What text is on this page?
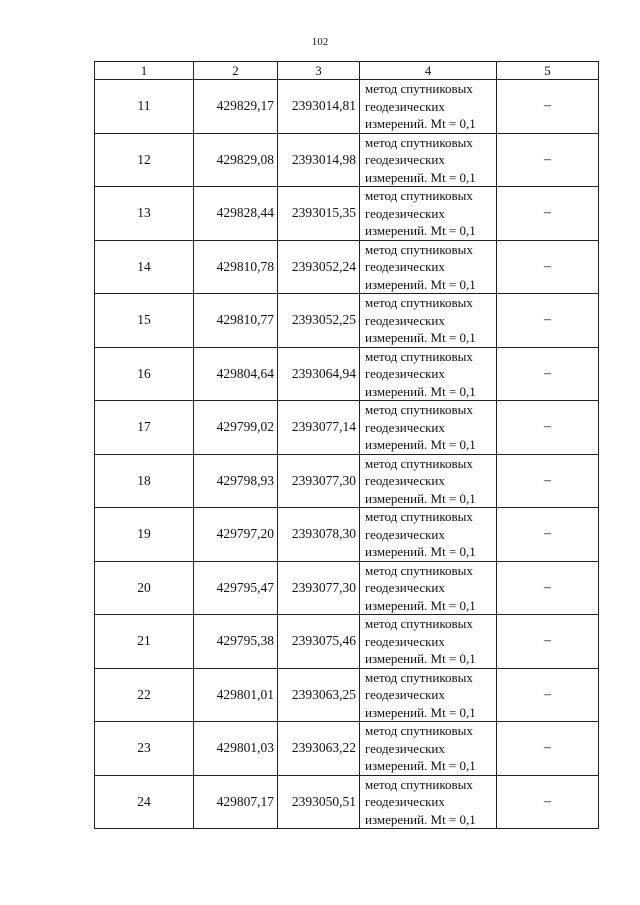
102
1	2	3	4	5
11	429829,17	2393014,81	метод спутниковых
геодезических
измерений. Mt = 0,1	–
12	429829,08	2393014,98	метод спутниковых
геодезических
измерений. Mt = 0,1	–
13	429828,44	2393015,35	метод спутниковых
геодезических
измерений. Mt = 0,1	–
14	429810,78	2393052,24	метод спутниковых
геодезических
измерений. Mt = 0,1	–
15	429810,77	2393052,25	метод спутниковых
геодезических
измерений. Mt = 0,1	–
16	429804,64	2393064,94	метод спутниковых
геодезических
измерений. Mt = 0,1	–
17	429799,02	2393077,14	метод спутниковых
геодезических
измерений. Mt = 0,1	–
18	429798,93	2393077,30	метод спутниковых
геодезических
измерений. Mt = 0,1	–
19	429797,20	2393078,30	метод спутниковых
геодезических
измерений. Mt = 0,1	–
20	429795,47	2393077,30	метод спутниковых
геодезических
измерений. Mt = 0,1	–
21	429795,38	2393075,46	метод спутниковых
геодезических
измерений. Mt = 0,1	–
22	429801,01	2393063,25	метод спутниковых
геодезических
измерений. Mt = 0,1	–
23	429801,03	2393063,22	метод спутниковых
геодезических
измерений. Mt = 0,1	–
24	429807,17	2393050,51	метод спутниковых
геодезических
измерений. Mt = 0,1	–
